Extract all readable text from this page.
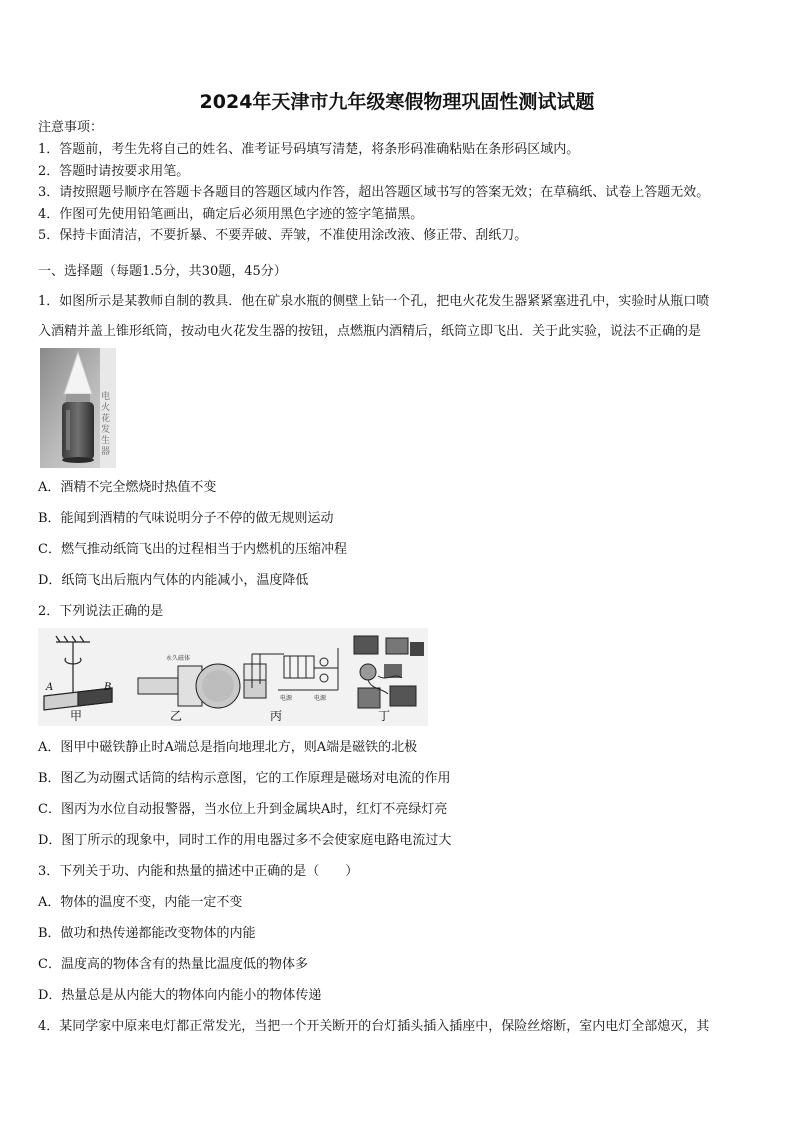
2024年天津市九年级寒假物理巩固性测试试题
注意事项：
1．答题前，考生先将自己的姓名、准考证号码填写清楚，将条形码准确粘贴在条形码区域内。
2．答题时请按要求用笔。
3．请按照题号顺序在答题卡各题目的答题区域内作答，超出答题区域书写的答案无效；在草稿纸、试卷上答题无效。
4．作图可先使用铅笔画出，确定后必须用黑色字迹的签字笔描黑。
5．保持卡面清洁，不要折暴、不要弄破、弄皱，不准使用涂改液、修正带、刮纸刀。
一、选择题（每题1.5分，共30题，45分）
1．如图所示是某教师自制的教具．他在矿泉水瓶的侧壁上钻一个孔，把电火花发生器紧紧塞进孔中，实验时从瓶口喷
入酒精并盖上锥形纸筒，按动电火花发生器的按钮，点燃瓶内酒精后，纸筒立即飞出．关于此实验，说法不正确的是
电火花发生器
A．酒精不完全燃烧时热值不变
B．能闻到酒精的气味说明分子不停的做无规则运动
C．燃气推动纸筒飞出的过程相当于内燃机的压缩冲程
D．纸筒飞出后瓶内气体的内能减小，温度降低
2．下列说法正确的是
A	B
永久磁体
电源	电源
甲	乙	丙	丁
A．图甲中磁铁静止时A端总是指向地理北方，则A端是磁铁的北极
B．图乙为动圈式话筒的结构示意图，它的工作原理是磁场对电流的作用
C．图丙为水位自动报警器，当水位上升到金属块A时，红灯不亮绿灯亮
D．图丁所示的现象中，同时工作的用电器过多不会使家庭电路电流过大
3．下列关于功、内能和热量的描述中正确的是（　　）
A．物体的温度不变，内能一定不变
B．做功和热传递都能改变物体的内能
C．温度高的物体含有的热量比温度低的物体多
D．热量总是从内能大的物体向内能小的物体传递
4．某同学家中原来电灯都正常发光，当把一个开关断开的台灯插头插入插座中，保险丝熔断，室内电灯全部熄灭，其
